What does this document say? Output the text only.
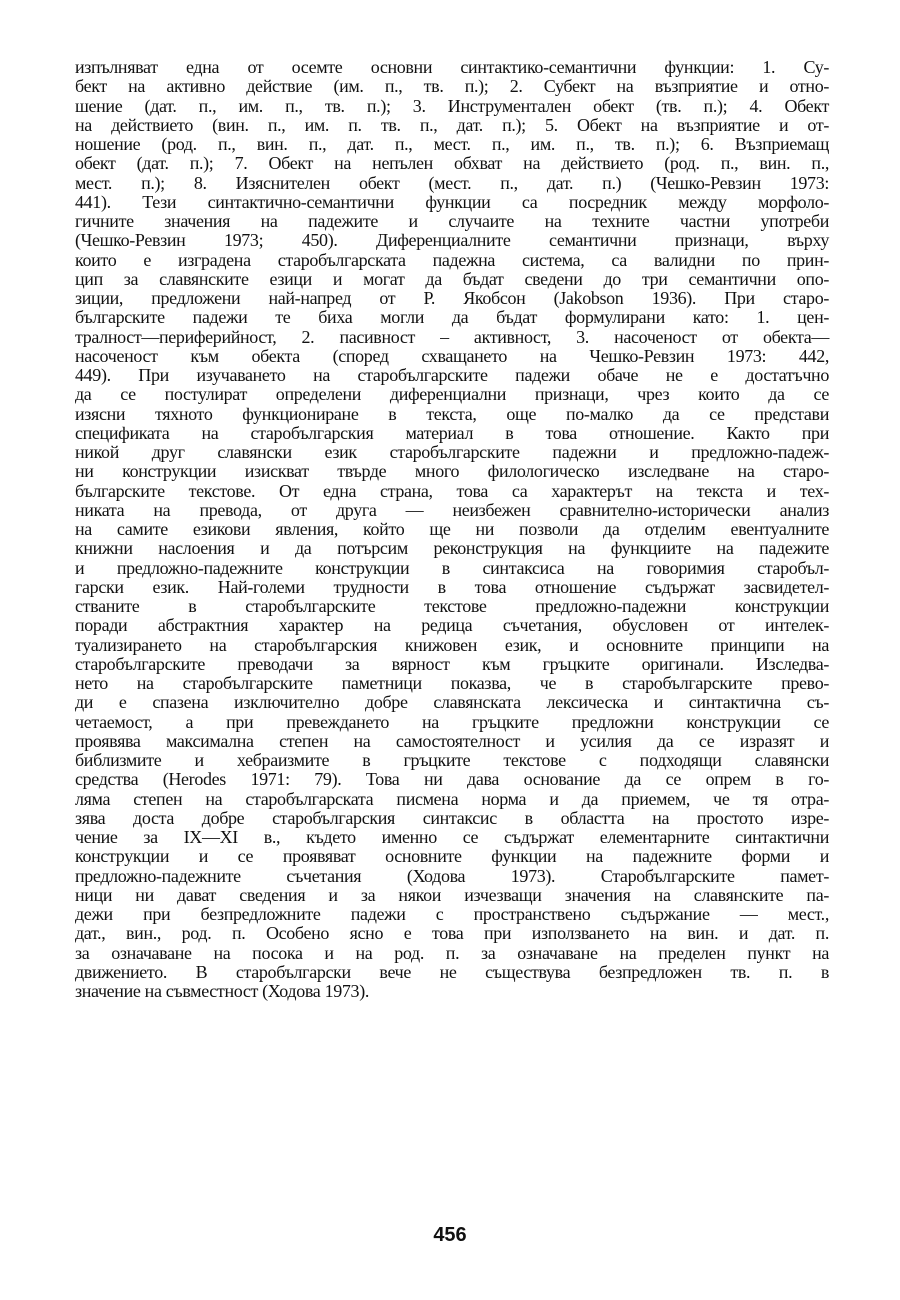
изпълняват една от осемте основни синтактико-семантични функции: 1. Су-
бект на активно действие (им. п., тв. п.); 2. Субект на възприятие и отно-
шение (дат. п., им. п., тв. п.); 3. Инструментален обект (тв. п.); 4. Обект
на действието (вин. п., им. п. тв. п., дат. п.); 5. Обект на възприятие и от-
ношение (род. п., вин. п., дат. п., мест. п., им. п., тв. п.); 6. Възприемащ
обект (дат. п.); 7. Обект на непълен обхват на действието (род. п., вин. п.,
мест. п.); 8. Изяснителен обект (мест. п., дат. п.) (Чешко-Ревзин 1973:
441). Тези синтактично-семантични функции са посредник между морфоло-
гичните значения на падежите и случаите на техните частни употреби
(Чешко-Ревзин 1973; 450). Диференциалните семантични признаци, върху
които е изградена старобългарската падежна система, са валидни по прин-
цип за славянските езици и могат да бъдат сведени до три семантични опо-
зиции, предложени най-напред от Р. Якобсон (Jakobson 1936). При старо-
българските падежи те биха могли да бъдат формулирани като: 1. цен-
тралност—периферийност, 2. пасивност – активност, 3. насоченост от обекта—
насоченост към обекта (според схващането на Чешко-Ревзин 1973: 442,
449). При изучаването на старобългарските падежи обаче не е достатъчно
да се постулират определени диференциални признаци, чрез които да се
изясни тяхното функциониране в текста, още по-малко да се представи
спецификата на старобългарския материал в това отношение. Както при
никой друг славянски език старобългарските падежни и предложно-падеж-
ни конструкции изискват твърде много филологическо изследване на старо-
българските текстове. От една страна, това са характерът на текста и тех-
никата на превода, от друга — неизбежен сравнително-исторически анализ
на самите езикови явления, който ще ни позволи да отделим евентуалните
книжни наслоения и да потърсим реконструкция на функциите на падежите
и предложно-падежните конструкции в синтаксиса на говоримия старобъл-
гарски език. Най-големи трудности в това отношение съдържат засвидетел-
стваните в старобългарските текстове предложно-падежни конструкции
поради абстрактния характер на редица съчетания, обусловен от интелек-
туализирането на старобългарския книжовен език, и основните принципи на
старобългарските преводачи за вярност към гръцките оригинали. Изследва-
нето на старобългарските паметници показва, че в старобългарските прево-
ди е спазена изключително добре славянската лексическа и синтактична съ-
четаемост, а при превеждането на гръцките предложни конструкции се
проявява максимална степен на самостоятелност и усилия да се изразят и
библизмите и хебраизмите в гръцките текстове с подходящи славянски
средства (Herodes 1971: 79). Това ни дава основание да се опрем в го-
ляма степен на старобългарската писмена норма и да приемем, че тя отра-
зява доста добре старобългарския синтаксис в областта на простото изре-
чение за IX—XI в., където именно се съдържат елементарните синтактични
конструкции и се проявяват основните функции на падежните форми и
предложно-падежните съчетания (Ходова 1973). Старобългарските памет-
ници ни дават сведения и за някои изчезващи значения на славянските па-
дежи при безпредложните падежи с пространствено съдържание — мест.,
дат., вин., род. п. Особено ясно е това при използването на вин. и дат. п.
за означаване на посока и на род. п. за означаване на пределен пункт на
движението. В старобългарски вече не съществува безпредложен тв. п. в
значение на съвместност (Ходова 1973).
456
